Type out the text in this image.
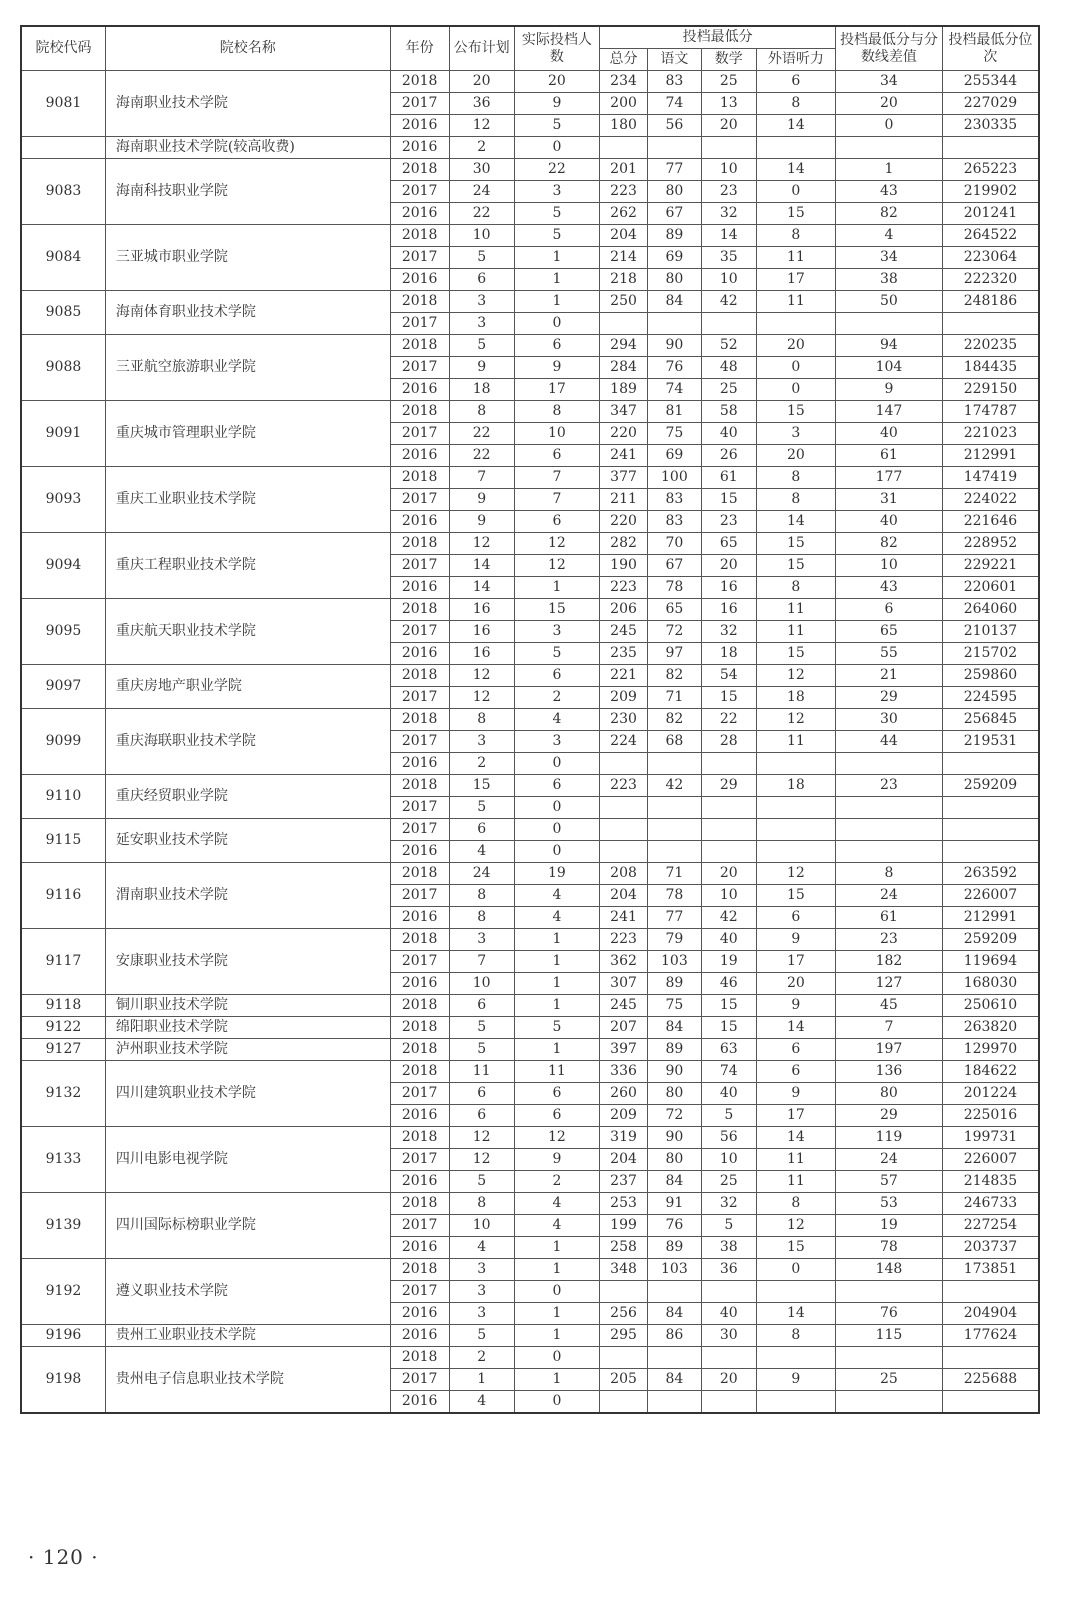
院校代码	院校名称	年份	公布计划	实际投档人数	投档最低分				投档最低分与分数线差值	投档最低分位次
					总分	语文	数学	外语听力		
9081	海南职业技术学院	2018	20	20	234	83	25	6	34	255344
		2017	36	9	200	74	13	8	20	227029
		2016	12	5	180	56	20	14	0	230335
	海南职业技术学院(较高收费)	2016	2	0						
9083	海南科技职业学院	2018	30	22	201	77	10	14	1	265223
		2017	24	3	223	80	23	0	43	219902
		2016	22	5	262	67	32	15	82	201241
9084	三亚城市职业学院	2018	10	5	204	89	14	8	4	264522
		2017	5	1	214	69	35	11	34	223064
		2016	6	1	218	80	10	17	38	222320
9085	海南体育职业技术学院	2018	3	1	250	84	42	11	50	248186
		2017	3	0						
9088	三亚航空旅游职业学院	2018	5	6	294	90	52	20	94	220235
		2017	9	9	284	76	48	0	104	184435
		2016	18	17	189	74	25	0	9	229150
9091	重庆城市管理职业学院	2018	8	8	347	81	58	15	147	174787
		2017	22	10	220	75	40	3	40	221023
		2016	22	6	241	69	26	20	61	212991
9093	重庆工业职业技术学院	2018	7	7	377	100	61	8	177	147419
		2017	9	7	211	83	15	8	31	224022
		2016	9	6	220	83	23	14	40	221646
9094	重庆工程职业技术学院	2018	12	12	282	70	65	15	82	228952
		2017	14	12	190	67	20	15	10	229221
		2016	14	1	223	78	16	8	43	220601
9095	重庆航天职业技术学院	2018	16	15	206	65	16	11	6	264060
		2017	16	3	245	72	32	11	65	210137
		2016	16	5	235	97	18	15	55	215702
9097	重庆房地产职业学院	2018	12	6	221	82	54	12	21	259860
		2017	12	2	209	71	15	18	29	224595
9099	重庆海联职业技术学院	2018	8	4	230	82	22	12	30	256845
		2017	3	3	224	68	28	11	44	219531
		2016	2	0						
9110	重庆经贸职业学院	2018	15	6	223	42	29	18	23	259209
		2017	5	0						
9115	延安职业技术学院	2017	6	0						
		2016	4	0						
9116	渭南职业技术学院	2018	24	19	208	71	20	12	8	263592
		2017	8	4	204	78	10	15	24	226007
		2016	8	4	241	77	42	6	61	212991
9117	安康职业技术学院	2018	3	1	223	79	40	9	23	259209
		2017	7	1	362	103	19	17	182	119694
		2016	10	1	307	89	46	20	127	168030
9118	铜川职业技术学院	2018	6	1	245	75	15	9	45	250610
9122	绵阳职业技术学院	2018	5	5	207	84	15	14	7	263820
9127	泸州职业技术学院	2018	5	1	397	89	63	6	197	129970
9132	四川建筑职业技术学院	2018	11	11	336	90	74	6	136	184622
		2017	6	6	260	80	40	9	80	201224
		2016	6	6	209	72	5	17	29	225016
9133	四川电影电视学院	2018	12	12	319	90	56	14	119	199731
		2017	12	9	204	80	10	11	24	226007
		2016	5	2	237	84	25	11	57	214835
9139	四川国际标榜职业学院	2018	8	4	253	91	32	8	53	246733
		2017	10	4	199	76	5	12	19	227254
		2016	4	1	258	89	38	15	78	203737
9192	遵义职业技术学院	2018	3	1	348	103	36	0	148	173851
		2017	3	0						
		2016	3	1	256	84	40	14	76	204904
9196	贵州工业职业技术学院	2016	5	1	295	86	30	8	115	177624
9198	贵州电子信息职业技术学院	2018	2	0						
		2017	1	1	205	84	20	9	25	225688
		2016	4	0						
· 120 ·
